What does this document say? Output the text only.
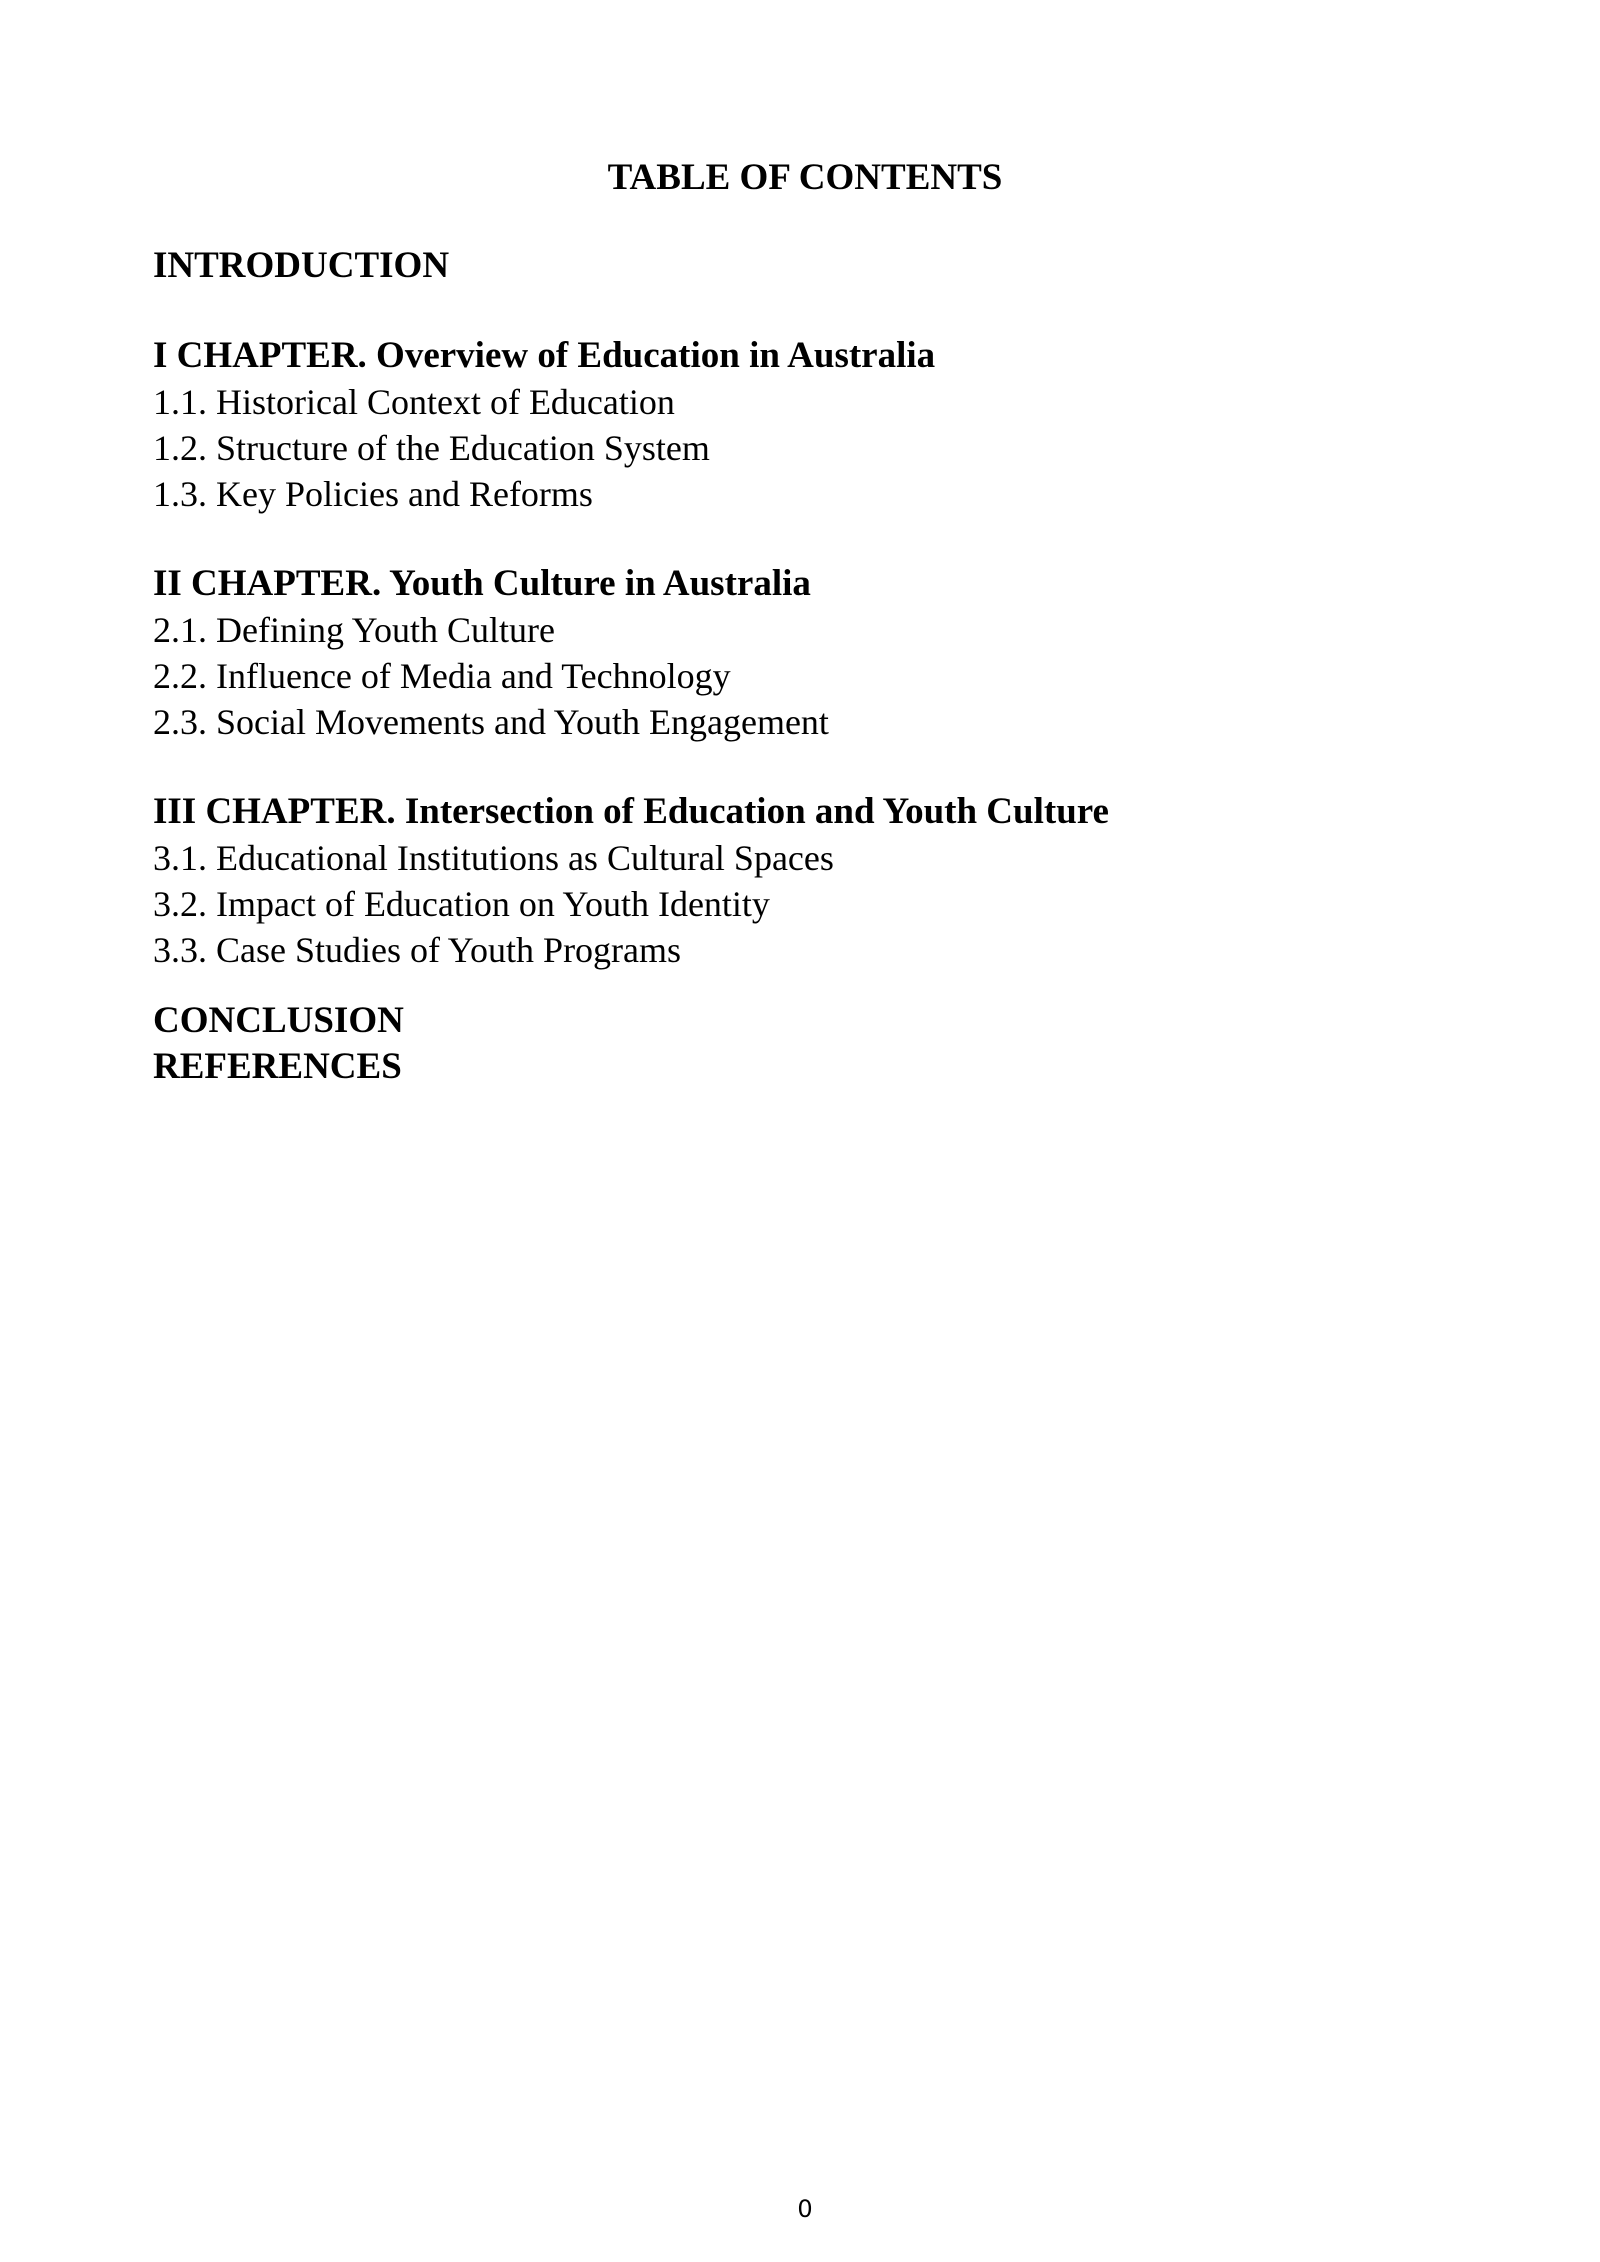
TABLE OF CONTENTS
INTRODUCTION
I CHAPTER. Overview of Education in Australia
1.1. Historical Context of Education
1.2. Structure of the Education System
1.3. Key Policies and Reforms
II CHAPTER. Youth Culture in Australia
2.1. Defining Youth Culture
2.2. Influence of Media and Technology
2.3. Social Movements and Youth Engagement
III CHAPTER. Intersection of Education and Youth Culture
3.1. Educational Institutions as Cultural Spaces
3.2. Impact of Education on Youth Identity
3.3. Case Studies of Youth Programs
CONCLUSION
REFERENCES
0
